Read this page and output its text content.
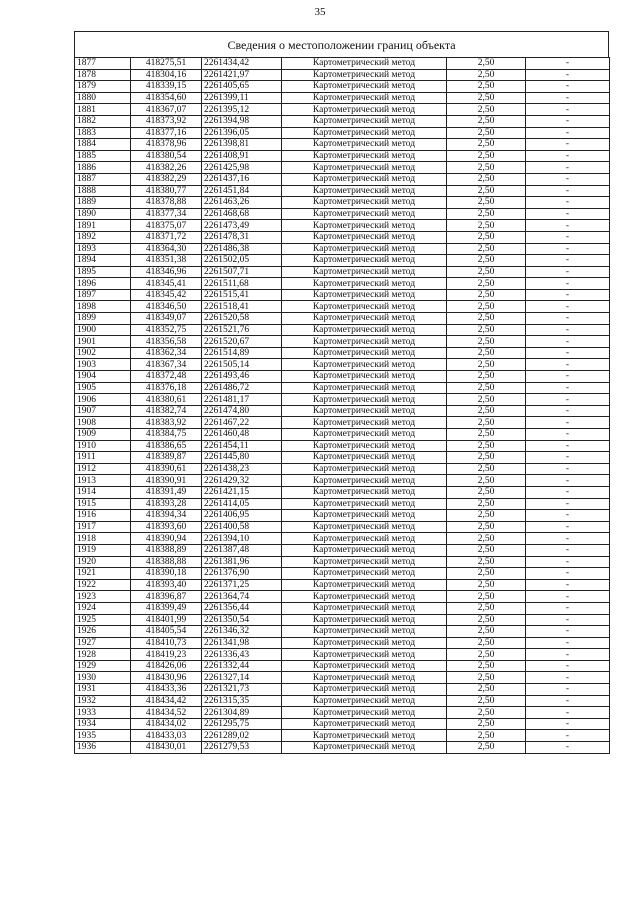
35
Сведения о местоположении границ объекта
1877	418275,51	2261434,42	Картометрический метод	2,50	-
1878	418304,16	2261421,97	Картометрический метод	2,50	-
1879	418339,15	2261405,65	Картометрический метод	2,50	-
1880	418354,60	2261399,11	Картометрический метод	2,50	-
1881	418367,07	2261395,12	Картометрический метод	2,50	-
1882	418373,92	2261394,98	Картометрический метод	2,50	-
1883	418377,16	2261396,05	Картометрический метод	2,50	-
1884	418378,96	2261398,81	Картометрический метод	2,50	-
1885	418380,54	2261408,91	Картометрический метод	2,50	-
1886	418382,26	2261425,98	Картометрический метод	2,50	-
1887	418382,29	2261437,16	Картометрический метод	2,50	-
1888	418380,77	2261451,84	Картометрический метод	2,50	-
1889	418378,88	2261463,26	Картометрический метод	2,50	-
1890	418377,34	2261468,68	Картометрический метод	2,50	-
1891	418375,07	2261473,49	Картометрический метод	2,50	-
1892	418371,72	2261478,31	Картометрический метод	2,50	-
1893	418364,30	2261486,38	Картометрический метод	2,50	-
1894	418351,38	2261502,05	Картометрический метод	2,50	-
1895	418346,96	2261507,71	Картометрический метод	2,50	-
1896	418345,41	2261511,68	Картометрический метод	2,50	-
1897	418345,42	2261515,41	Картометрический метод	2,50	-
1898	418346,50	2261518,41	Картометрический метод	2,50	-
1899	418349,07	2261520,58	Картометрический метод	2,50	-
1900	418352,75	2261521,76	Картометрический метод	2,50	-
1901	418356,58	2261520,67	Картометрический метод	2,50	-
1902	418362,34	2261514,89	Картометрический метод	2,50	-
1903	418367,34	2261505,14	Картометрический метод	2,50	-
1904	418372,48	2261493,46	Картометрический метод	2,50	-
1905	418376,18	2261486,72	Картометрический метод	2,50	-
1906	418380,61	2261481,17	Картометрический метод	2,50	-
1907	418382,74	2261474,80	Картометрический метод	2,50	-
1908	418383,92	2261467,22	Картометрический метод	2,50	-
1909	418384,75	2261460,48	Картометрический метод	2,50	-
1910	418386,65	2261454,11	Картометрический метод	2,50	-
1911	418389,87	2261445,80	Картометрический метод	2,50	-
1912	418390,61	2261438,23	Картометрический метод	2,50	-
1913	418390,91	2261429,32	Картометрический метод	2,50	-
1914	418391,49	2261421,15	Картометрический метод	2,50	-
1915	418393,28	2261414,05	Картометрический метод	2,50	-
1916	418394,34	2261406,95	Картометрический метод	2,50	-
1917	418393,60	2261400,58	Картометрический метод	2,50	-
1918	418390,94	2261394,10	Картометрический метод	2,50	-
1919	418388,89	2261387,48	Картометрический метод	2,50	-
1920	418388,88	2261381,96	Картометрический метод	2,50	-
1921	418390,18	2261376,90	Картометрический метод	2,50	-
1922	418393,40	2261371,25	Картометрический метод	2,50	-
1923	418396,87	2261364,74	Картометрический метод	2,50	-
1924	418399,49	2261356,44	Картометрический метод	2,50	-
1925	418401,99	2261350,54	Картометрический метод	2,50	-
1926	418405,54	2261346,32	Картометрический метод	2,50	-
1927	418410,73	2261341,98	Картометрический метод	2,50	-
1928	418419,23	2261336,43	Картометрический метод	2,50	-
1929	418426,06	2261332,44	Картометрический метод	2,50	-
1930	418430,96	2261327,14	Картометрический метод	2,50	-
1931	418433,36	2261321,73	Картометрический метод	2,50	-
1932	418434,42	2261315,35	Картометрический метод	2,50	-
1933	418434,52	2261304,89	Картометрический метод	2,50	-
1934	418434,02	2261295,75	Картометрический метод	2,50	-
1935	418433,03	2261289,02	Картометрический метод	2,50	-
1936	418430,01	2261279,53	Картометрический метод	2,50	-
